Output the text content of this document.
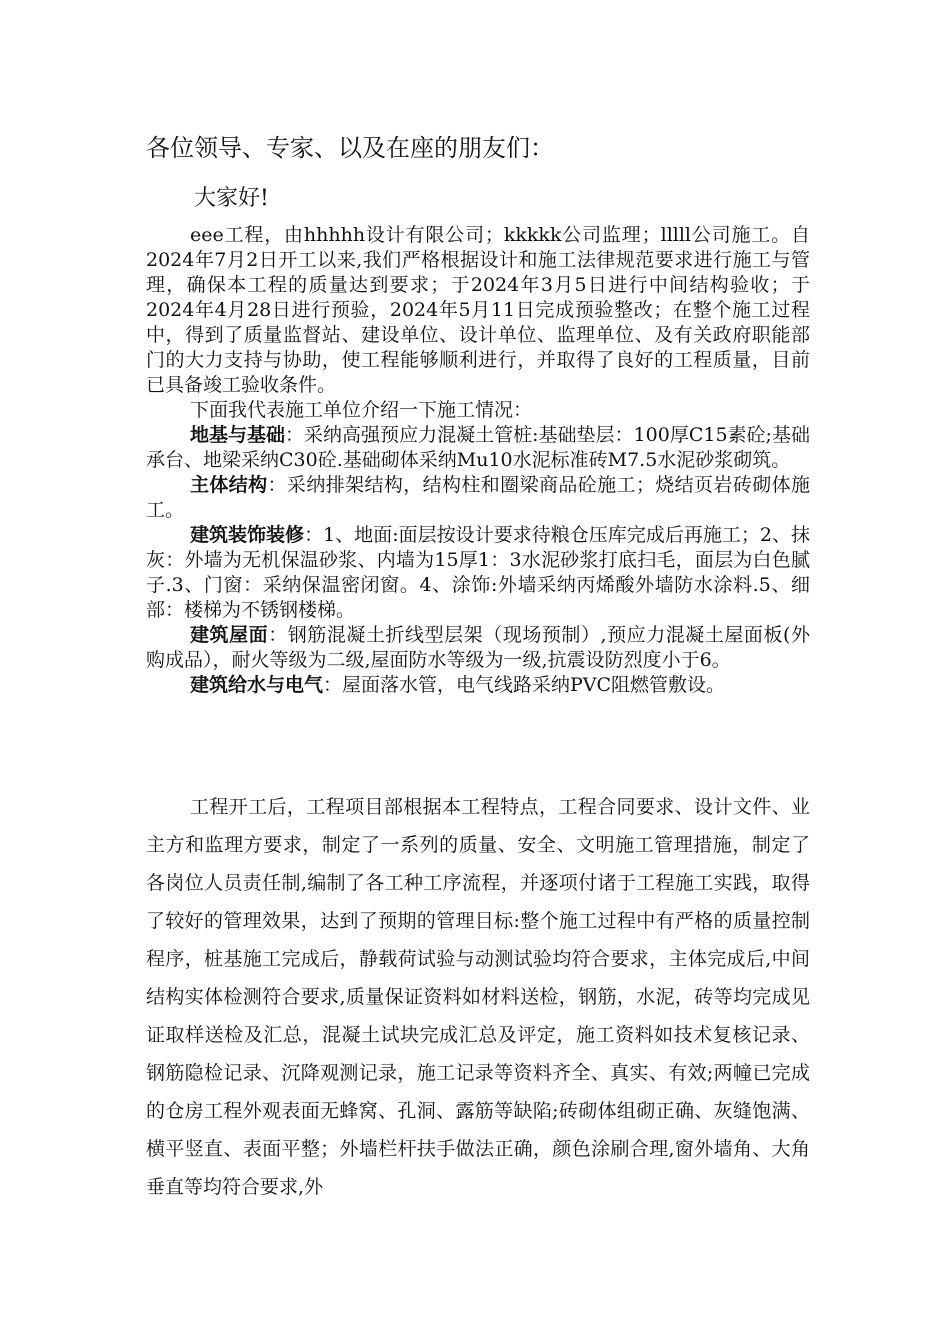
各位领导、专家、以及在座的朋友们：
大家好!

eee工程，由hhhhh设计有限公司；kkkkk公司监理；lllll公司施工。自2024年7月2日开工以来,我们严格根据设计和施工法律规范要求进行施工与管理，确保本工程的质量达到要求；于2024年3月5日进行中间结构验收；于2024年4月28日进行预验，2024年5月11日完成预验整改；在整个施工过程中，得到了质量监督站、建设单位、设计单位、监理单位、及有关政府职能部门的大力支持与协助，使工程能够顺利进行，并取得了良好的工程质量，目前已具备竣工验收条件。

下面我代表施工单位介绍一下施工情况：

地基与基础：采纳高强预应力混凝土管桩:基础垫层：100厚C15素砼;基础承台、地梁采纳C30砼.基础砌体采纳Mu10水泥标准砖M7.5水泥砂浆砌筑。

主体结构：采纳排架结构，结构柱和圈梁商品砼施工；烧结页岩砖砌体施工。

建筑装饰装修：1、地面:面层按设计要求待粮仓压库完成后再施工；2、抹灰：外墙为无机保温砂浆、内墙为15厚1：3水泥砂浆打底扫毛，面层为白色腻子.3、门窗：采纳保温密闭窗。4、涂饰:外墙采纳丙烯酸外墙防水涂料.5、细部：楼梯为不锈钢楼梯。

建筑屋面：钢筋混凝土折线型层架（现场预制）,预应力混凝土屋面板(外购成品），耐火等级为二级,屋面防水等级为一级,抗震设防烈度小于6。

建筑给水与电气：屋面落水管，电气线路采纳PVC阻燃管敷设。

工程开工后，工程项目部根据本工程特点，工程合同要求、设计文件、业主方和监理方要求，制定了一系列的质量、安全、文明施工管理措施，制定了各岗位人员责任制,编制了各工种工序流程，并逐项付诸于工程施工实践，取得了较好的管理效果，达到了预期的管理目标:整个施工过程中有严格的质量控制程序，桩基施工完成后，静载荷试验与动测试验均符合要求，主体完成后,中间结构实体检测符合要求,质量保证资料如材料送检，钢筋，水泥，砖等均完成见证取样送检及汇总，混凝土试块完成汇总及评定，施工资料如技术复核记录、钢筋隐检记录、沉降观测记录，施工记录等资料齐全、真实、有效;两幢已完成的仓房工程外观表面无蜂窝、孔洞、露筋等缺陷;砖砌体组砌正确、灰缝饱满、横平竖直、表面平整；外墙栏杆扶手做法正确，颜色涂刷合理,窗外墙角、大角垂直等均符合要求,外
